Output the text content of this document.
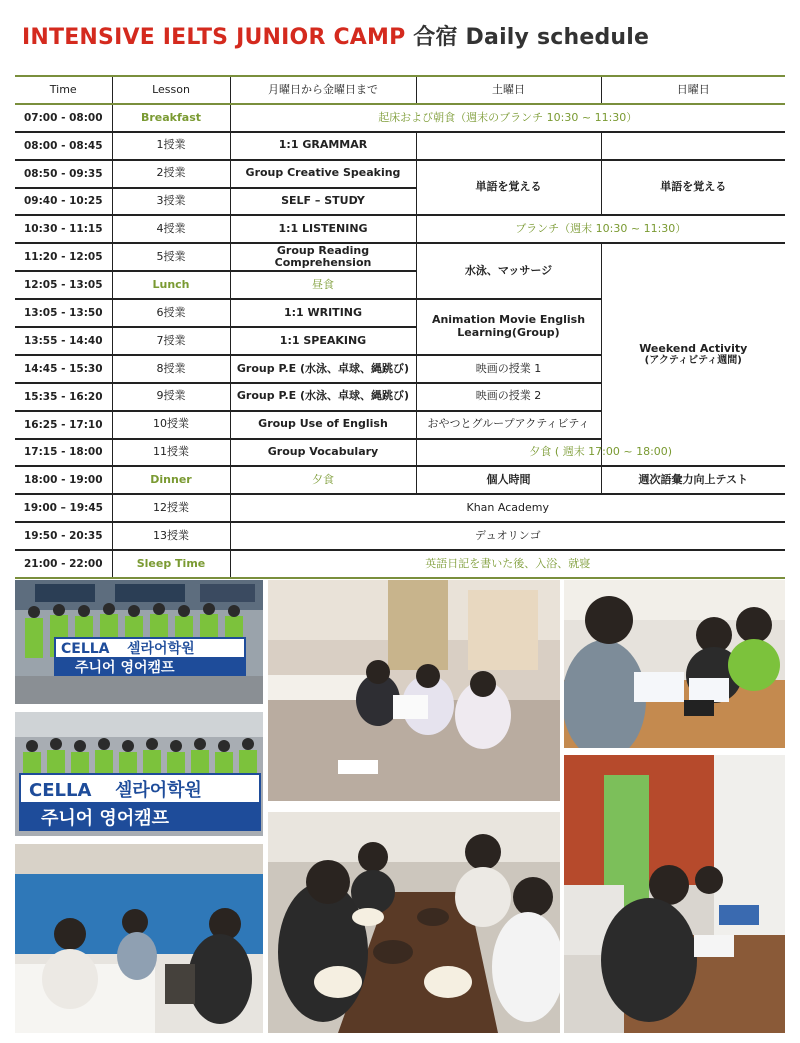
INTENSIVE IELTS JUNIOR CAMP 合宿 Daily schedule
Time	Lesson	月曜日から金曜日まで	土曜日	日曜日
07:00 - 08:00	Breakfast	起床および朝食（週末のブランチ 10:30 ~ 11:30）		
08:00 - 08:45	1授業	1:1 GRAMMAR		
08:50 - 09:35	2授業	Group Creative Speaking	単語を覚える	単語を覚える
09:40 - 10:25	3授業	SELF – STUDY		
10:30 - 11:15	4授業	1:1 LISTENING	ブランチ（週末 10:30 ~ 11:30）	
11:20 - 12:05	5授業	Group Reading Comprehension	水泳、マッサージ	Weekend Activity
(アクティビティ週間)

12:05 - 13:05	Lunch	昼食		
13:05 - 13:50	6授業	1:1 WRITING	Animation Movie English Learning(Group)	
13:55 - 14:40	7授業	1:1 SPEAKING		
14:45 - 15:30	8授業	Group P.E (水泳、卓球、縄跳び)	映画の授業 1	
15:35 - 16:20	9授業	Group P.E (水泳、卓球、縄跳び)	映画の授業 2	
16:25 - 17:10	10授業	Group Use of English	おやつとグループアクティビティ	
17:15 - 18:00	11授業	Group Vocabulary	夕食 ( 週末 17:00 ~ 18:00)	
18:00 - 19:00	Dinner	夕食	個人時間	週次語彙力向上テスト
19:00 – 19:45	12授業	Khan Academy		
19:50 - 20:35	13授業	デュオリンゴ		
21:00 - 22:00	Sleep Time	英語日記を書いた後、入浴、就寝		
CELLA 셀라어학원
주니어 영어캠프
CELLA 셀라어학원
주니어 영어캠프
